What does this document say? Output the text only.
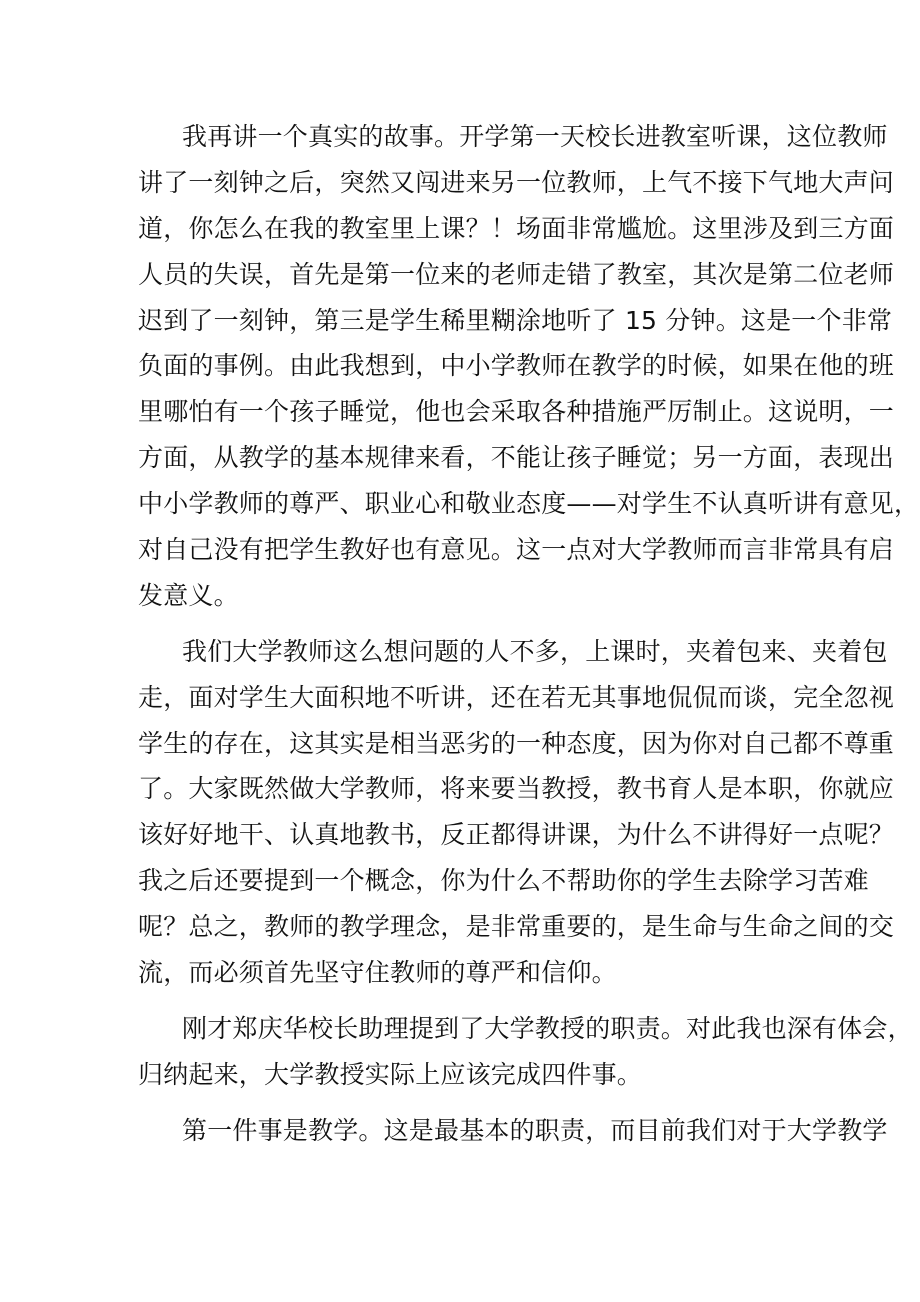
我再讲一个真实的故事。开学第一天校长进教室听课，这位教师
讲了一刻钟之后，突然又闯进来另一位教师，上气不接下气地大声问
道，你怎么在我的教室里上课？！场面非常尴尬。这里涉及到三方面
人员的失误，首先是第一位来的老师走错了教室，其次是第二位老师
迟到了一刻钟，第三是学生稀里糊涂地听了 15 分钟。这是一个非常
负面的事例。由此我想到，中小学教师在教学的时候，如果在他的班
里哪怕有一个孩子睡觉，他也会采取各种措施严厉制止。这说明，一
方面，从教学的基本规律来看，不能让孩子睡觉；另一方面，表现出
中小学教师的尊严、职业心和敬业态度——对学生不认真听讲有意见，
对自己没有把学生教好也有意见。这一点对大学教师而言非常具有启
发意义。
我们大学教师这么想问题的人不多，上课时，夹着包来、夹着包
走，面对学生大面积地不听讲，还在若无其事地侃侃而谈，完全忽视
学生的存在，这其实是相当恶劣的一种态度，因为你对自己都不尊重
了。大家既然做大学教师，将来要当教授，教书育人是本职，你就应
该好好地干、认真地教书，反正都得讲课，为什么不讲得好一点呢？
我之后还要提到一个概念，你为什么不帮助你的学生去除学习苦难
呢？总之，教师的教学理念，是非常重要的，是生命与生命之间的交
流，而必须首先坚守住教师的尊严和信仰。
刚才郑庆华校长助理提到了大学教授的职责。对此我也深有体会，
归纳起来，大学教授实际上应该完成四件事。
第一件事是教学。这是最基本的职责，而目前我们对于大学教学
